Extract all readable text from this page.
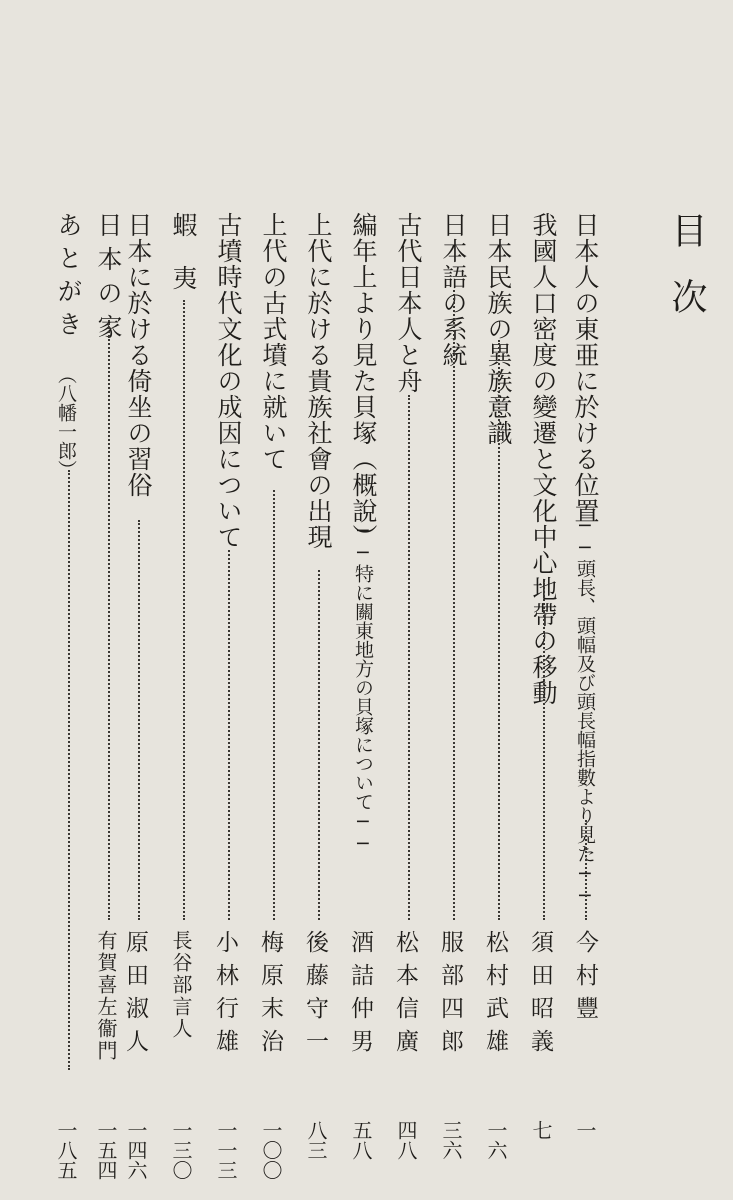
目次
日本人の東亜に於ける位置
──頭長、頭幅及び頭長幅指數より見た──
今村豐
一
我國人口密度の變遷と文化中心地帶の移動
須田昭義
七
日本民族の異族意識
松村武雄
一六
日本語の系統
服部四郎
三六
古代日本人と舟
松本信廣
四八
編年上より見た貝塚（概說）
──特に關東地方の貝塚について──
酒詰仲男
五八
上代に於ける貴族社會の出現
後藤守一
八三
上代の古式墳に就いて
梅原末治
一〇〇
古墳時代文化の成因について
小林行雄
一一三
蝦夷
長谷部言人
一三〇
日本に於ける倚坐の習俗
原田淑人
一四六
日本の家
有賀喜左衞門
一五四
あとがき
（八幡一郎）
一八五
